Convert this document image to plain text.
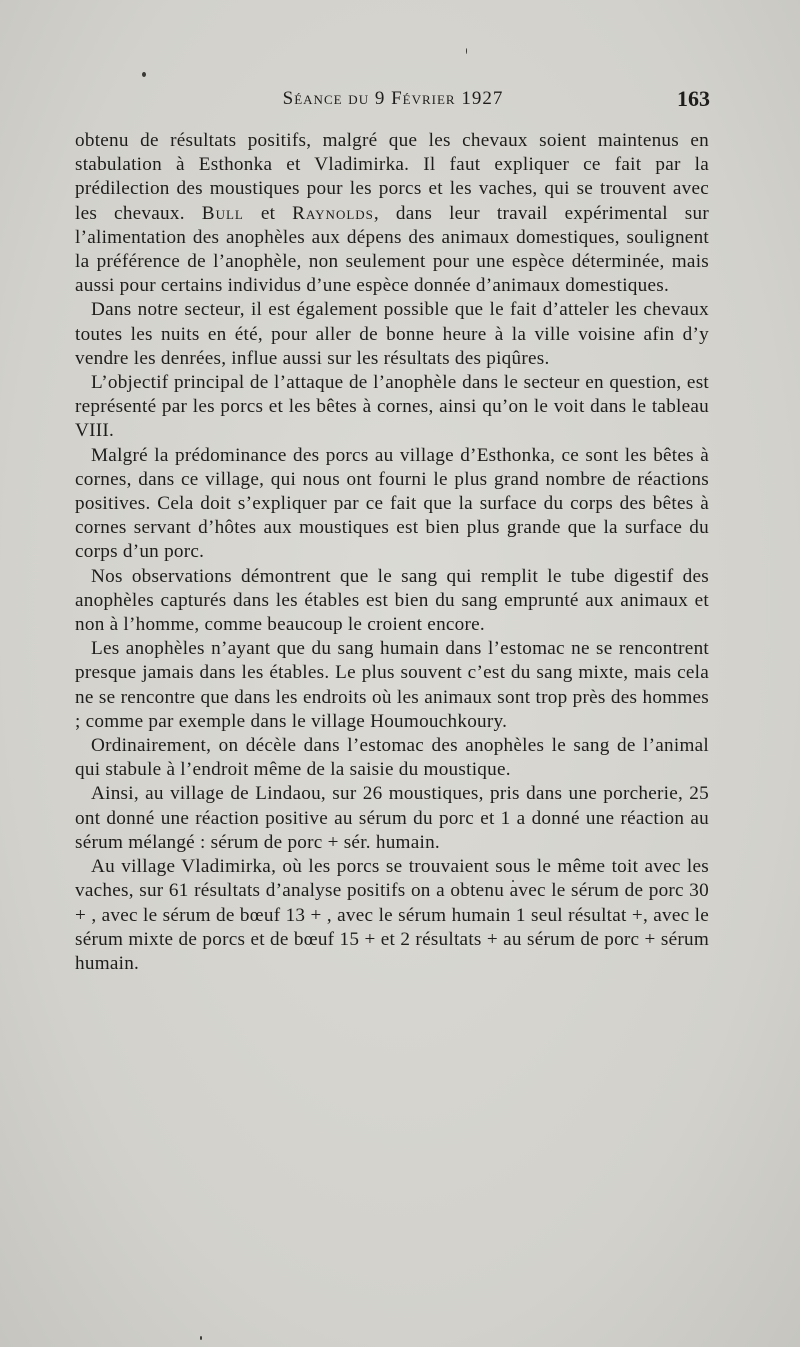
Séance du 9 Février 1927	163

obtenu de résultats positifs, malgré que les chevaux soient maintenus en stabulation à Esthonka et Vladimirka. Il faut expliquer ce fait par la prédilection des moustiques pour les porcs et les vaches, qui se trouvent avec les chevaux. Bull et Raynolds, dans leur travail expérimental sur l’alimentation des anophèles aux dépens des animaux domestiques, soulignent la préférence de l’anophèle, non seulement pour une espèce déterminée, mais aussi pour certains individus d’une espèce donnée d’animaux domestiques.

Dans notre secteur, il est également possible que le fait d’atteler les chevaux toutes les nuits en été, pour aller de bonne heure à la ville voisine afin d’y vendre les denrées, influe aussi sur les résultats des piqûres.

L’objectif principal de l’attaque de l’anophèle dans le secteur en question, est représenté par les porcs et les bêtes à cornes, ainsi qu’on le voit dans le tableau VIII.

Malgré la prédominance des porcs au village d’Esthonka, ce sont les bêtes à cornes, dans ce village, qui nous ont fourni le plus grand nombre de réactions positives. Cela doit s’expliquer par ce fait que la surface du corps des bêtes à cornes servant d’hôtes aux moustiques est bien plus grande que la surface du corps d’un porc.

Nos observations démontrent que le sang qui remplit le tube digestif des anophèles capturés dans les étables est bien du sang emprunté aux animaux et non à l’homme, comme beaucoup le croient encore.

Les anophèles n’ayant que du sang humain dans l’estomac ne se rencontrent presque jamais dans les étables. Le plus souvent c’est du sang mixte, mais cela ne se rencontre que dans les endroits où les animaux sont trop près des hommes ; comme par exemple dans le village Houmouchkoury.

Ordinairement, on décèle dans l’estomac des anophèles le sang de l’animal qui stabule à l’endroit même de la saisie du moustique.

Ainsi, au village de Lindaou, sur 26 moustiques, pris dans une porcherie, 25 ont donné une réaction positive au sérum du porc et 1 a donné une réaction au sérum mélangé : sérum de porc + sér. humain.

Au village Vladimirka, où les porcs se trouvaient sous le même toit avec les vaches, sur 61 résultats d’analyse positifs on a obtenu avec le sérum de porc 30 + , avec le sérum de bœuf 13 + , avec le sérum humain 1 seul résultat +, avec le sérum mixte de porcs et de bœuf 15 + et 2 résultats + au sérum de porc + sérum humain.
